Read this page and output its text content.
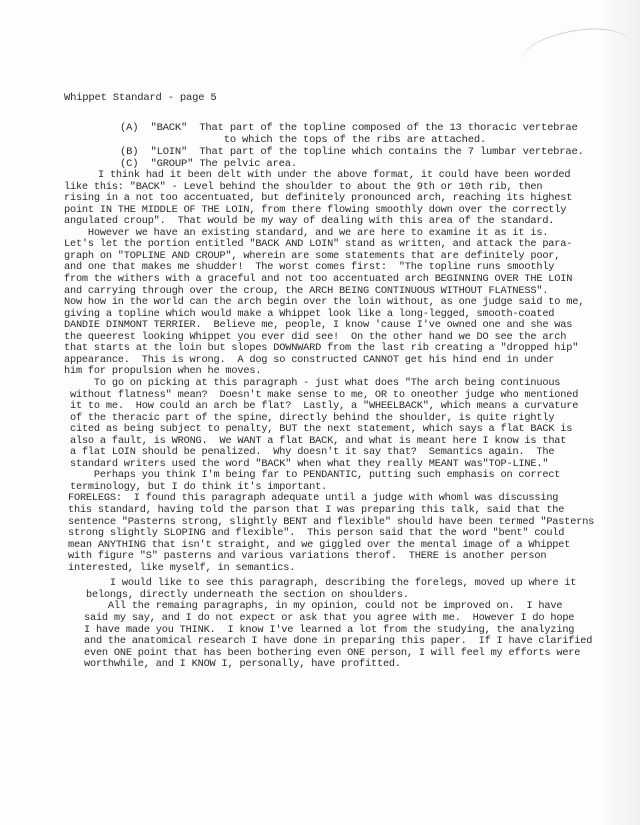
Whippet Standard - page 5
(A)  "BACK"  That part of the topline composed of the 13 thoracic vertebrae
to which the tops of the ribs are attached.
(B)  "LOIN"  That part of the topline which contains the 7 lumbar vertebrae.
(C)  "GROUP" The pelvic area.
I think had it been delt with under the above format, it could have been worded
like this: "BACK" - Level behind the shoulder to about the 9th or 10th rib, then
rising in a not too accentuated, but definitely pronounced arch, reaching its highest
point IN THE MIDDLE OF THE LOIN, from there flowing smoothly down over the correctly
angulated croup".  That would be my way of dealing with this area of the standard.
However we have an existing standard, and we are here to examine it as it is.
Let's let the portion entitled "BACK AND LOIN" stand as written, and attack the para-
graph on "TOPLINE AND CROUP", wherein are some statements that are definitely poor,
and one that makes me shudder!  The worst comes first:  "The topline runs smoothly
from the withers with a graceful and not too accentuated arch BEGINNING OVER THE LOIN
and carrying through over the croup, the ARCH BEING CONTINUOUS WITHOUT FLATNESS".
Now how in the world can the arch begin over the loin without, as one judge said to me,
giving a topline which would make a Whippet look like a long-legged, smooth-coated
DANDIE DINMONT TERRIER.  Believe me, people, I know 'cause I've owned one and she was
the queerest looking Whippet you ever did see!  On the other hand we DO see the arch
that starts at the loin but slopes DOWNWARD from the last rib creating a "dropped hip"
appearance.  This is wrong.  A dog so constructed CANNOT get his hind end in under
him for propulsion when he moves.
To go on picking at this paragraph - just what does "The arch being continuous
without flatness" mean?  Doesn't make sense to me, OR to oneother judge who mentioned
it to me.  How could an arch be flat?  Lastly, a "WHEELBACK", which means a curvature
of the theracic part of the spine, directly behind the shoulder, is quite rightly
cited as being subject to penalty, BUT the next statement, which says a flat BACK is
also a fault, is WRONG.  We WANT a flat BACK, and what is meant here I know is that
a flat LOIN should be penalized.  Why doesn't it say that?  Semantics again.  The
standard writers used the word "BACK" when what they really MEANT was"TOP-LINE."
Perhaps you think I'm being far to PENDANTIC, putting such emphasis on correct
terminology, but I do think it's important.
FORELEGS:  I found this paragraph adequate until a judge with whoml was discussing
this standard, having told the parson that I was preparing this talk, said that the
sentence "Pasterns strong, slightly BENT and flexible" should have been termed "Pasterns
strong slightly SLOPING and flexible".  This person said that the word "bent" could
mean ANYTHING that isn't straight, and we giggled over the mental image of a Whippet
with figure "S" pasterns and various variations therof.  THERE is another person
interested, like myself, in semantics.
I would like to see this paragraph, describing the forelegs, moved up where it
belongs, directly underneath the section on shoulders.
All the remaing paragraphs, in my opinion, could not be improved on.  I have
said my say, and I do not expect or ask that you agree with me.  However I do hope
I have made you THINK.  I know I've learned a lot from the studying, the analyzing
and the anatomical research I have done in preparing this paper.  If I have clarified
even ONE point that has been bothering even ONE person, I will feel my efforts were
worthwhile, and I KNOW I, personally, have profitted.
